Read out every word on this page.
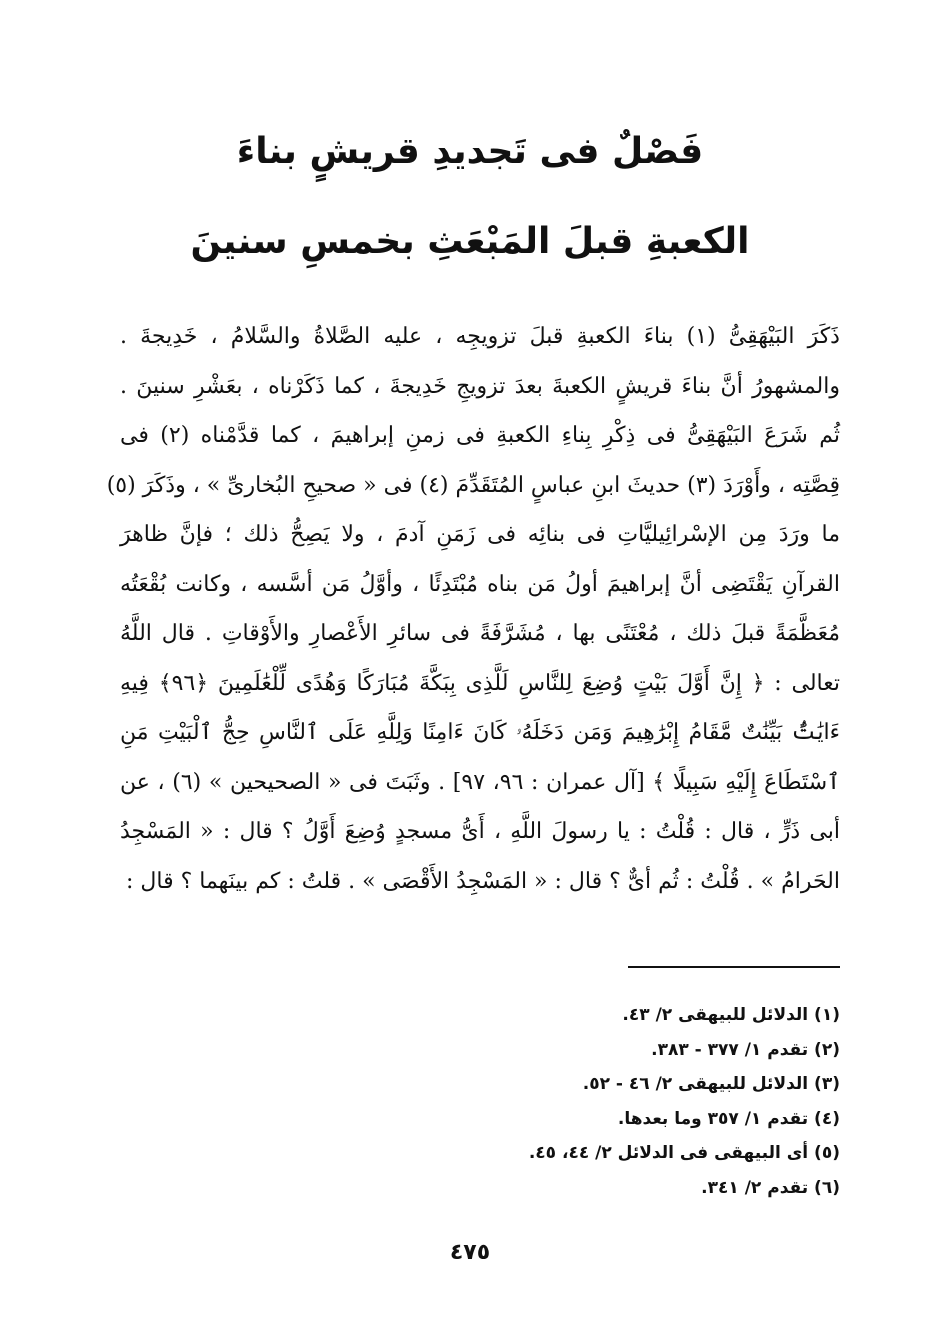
فَصْلٌ فى تَجديدِ قريشٍ بناءَ
الكعبةِ قبلَ المَبْعَثِ بخمسِ سنينَ
ذَكَرَ البَيْهَقِىُّ (١) بناءَ الكعبةِ قبلَ تزويجِه ، عليه الصَّلاةُ والسَّلامُ ، خَدِيجةَ .
والمشهورُ أنَّ بناءَ قريشٍ الكعبةَ بعدَ تزويجِ خَدِيجةَ ، كما ذَكَرْناه ، بعَشْرِ سنينَ .
ثُم شَرَعَ البَيْهَقِىُّ فى ذِكْرِ بِناءِ الكعبةِ فى زمنِ إبراهيمَ ، كما قدَّمْناه (٢) فى
قِصَّتِه ، وأَوْرَدَ (٣) حديثَ ابنِ عباسٍ المُتَقَدِّمَ (٤) فى « صحيحِ البُخارىِّ » ، وذَكَرَ (٥)
ما ورَدَ مِن الإسْرائِيليَّاتِ فى بنائِه فى زَمَنِ آدمَ ، ولا يَصِحُّ ذلك ؛ فإنَّ ظاهرَ
القرآنِ يَقْتَضِى أنَّ إبراهيمَ أولُ مَن بناه مُبْتَدِئًا ، وأوَّلُ مَن أسَّسه ، وكانت بُقْعَتُه
مُعَظَّمَةً قبلَ ذلك ، مُعْتَنًى بها ، مُشَرَّفَةً فى سائرِ الأَعْصارِ والأَوْقاتِ . قال اللَّهُ
تعالى : ﴿ إِنَّ أَوَّلَ بَيْتٍ وُضِعَ لِلنَّاسِ لَلَّذِى بِبَكَّةَ مُبَارَكًا وَهُدًى لِّلْعَٰلَمِينَ ﴿٩٦﴾ فِيهِ
ءَايَٰتٌۢ بَيِّنَٰتٌ مَّقَامُ إِبْرَٰهِيمَ وَمَن دَخَلَهُۥ كَانَ ءَامِنًا وَلِلَّهِ عَلَى ٱلنَّاسِ حِجُّ ٱلْبَيْتِ مَنِ
ٱسْتَطَاعَ إِلَيْهِ سَبِيلًا ﴾ [آل عمران : ٩٦، ٩٧] . وثَبَتَ فى « الصحيحين » (٦) ، عن
أبى ذَرٍّ ، قال : قُلْتُ : يا رسولَ اللَّهِ ، أَىُّ مسجدٍ وُضِعَ أَوَّلُ ؟ قال : « المَسْجِدُ
الحَرامُ » . قُلْتُ : ثُم أىٌّ ؟ قال : « المَسْجِدُ الأَقْصَى » . قلتُ : كم بينَهما ؟ قال :
(١) الدلائل للبيهقى ٢/ ٤٣.
(٢) تقدم ١/ ٣٧٧ - ٣٨٣.
(٣) الدلائل للبيهقى ٢/ ٤٦ - ٥٢.
(٤) تقدم ١/ ٣٥٧ وما بعدها.
(٥) أى البيهقى فى الدلائل ٢/ ٤٤، ٤٥.
(٦) تقدم ٢/ ٣٤١.
٤٧٥
